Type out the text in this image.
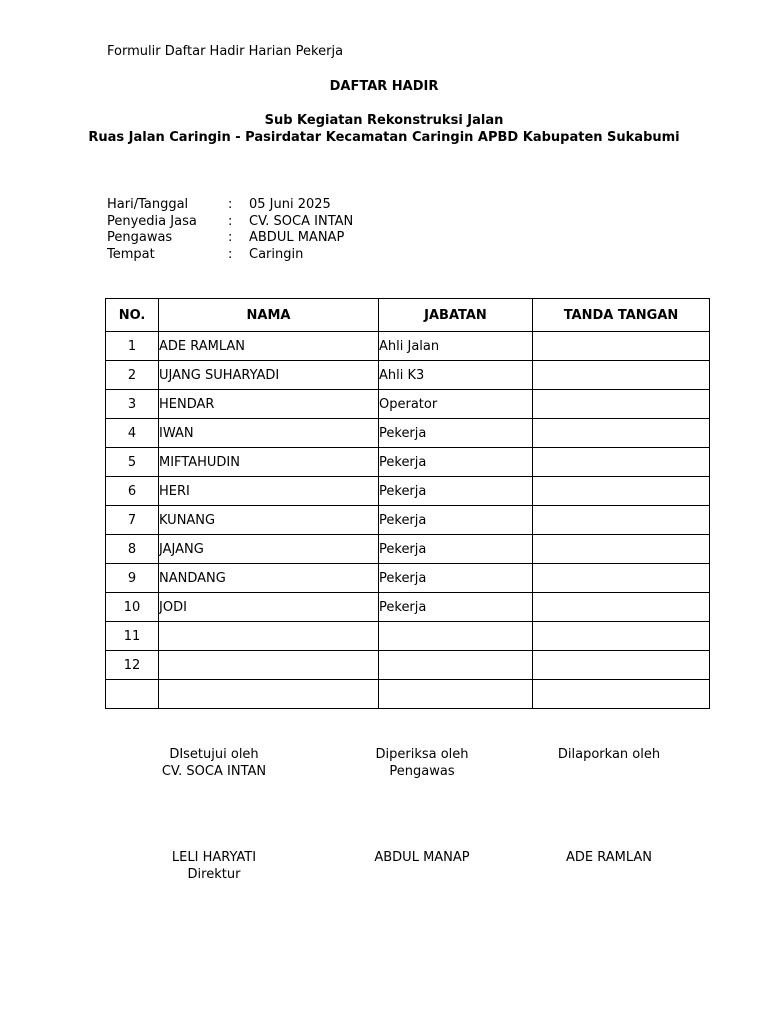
Formulir Daftar Hadir Harian Pekerja
DAFTAR HADIR
Sub Kegiatan Rekonstruksi Jalan
Ruas Jalan Caringin - Pasirdatar Kecamatan Caringin APBD Kabupaten Sukabumi
Hari/Tanggal	:	05 Juni 2025
Penyedia Jasa	:	CV. SOCA INTAN
Pengawas	:	ABDUL MANAP
Tempat	:	Caringin
NO.	NAMA	JABATAN	TANDA TANGAN
1	ADE RAMLAN	Ahli Jalan	
2	UJANG SUHARYADI	Ahli K3	
3	HENDAR	Operator	
4	IWAN	Pekerja	
5	MIFTAHUDIN	Pekerja	
6	HERI	Pekerja	
7	KUNANG	Pekerja	
8	JAJANG	Pekerja	
9	NANDANG	Pekerja	
10	JODI	Pekerja	
11			
12			

DIsetujui oleh
CV. SOCA INTAN
Diperiksa oleh
Pengawas
Dilaporkan oleh
LELI HARYATI
Direktur
ABDUL MANAP	ADE RAMLAN
